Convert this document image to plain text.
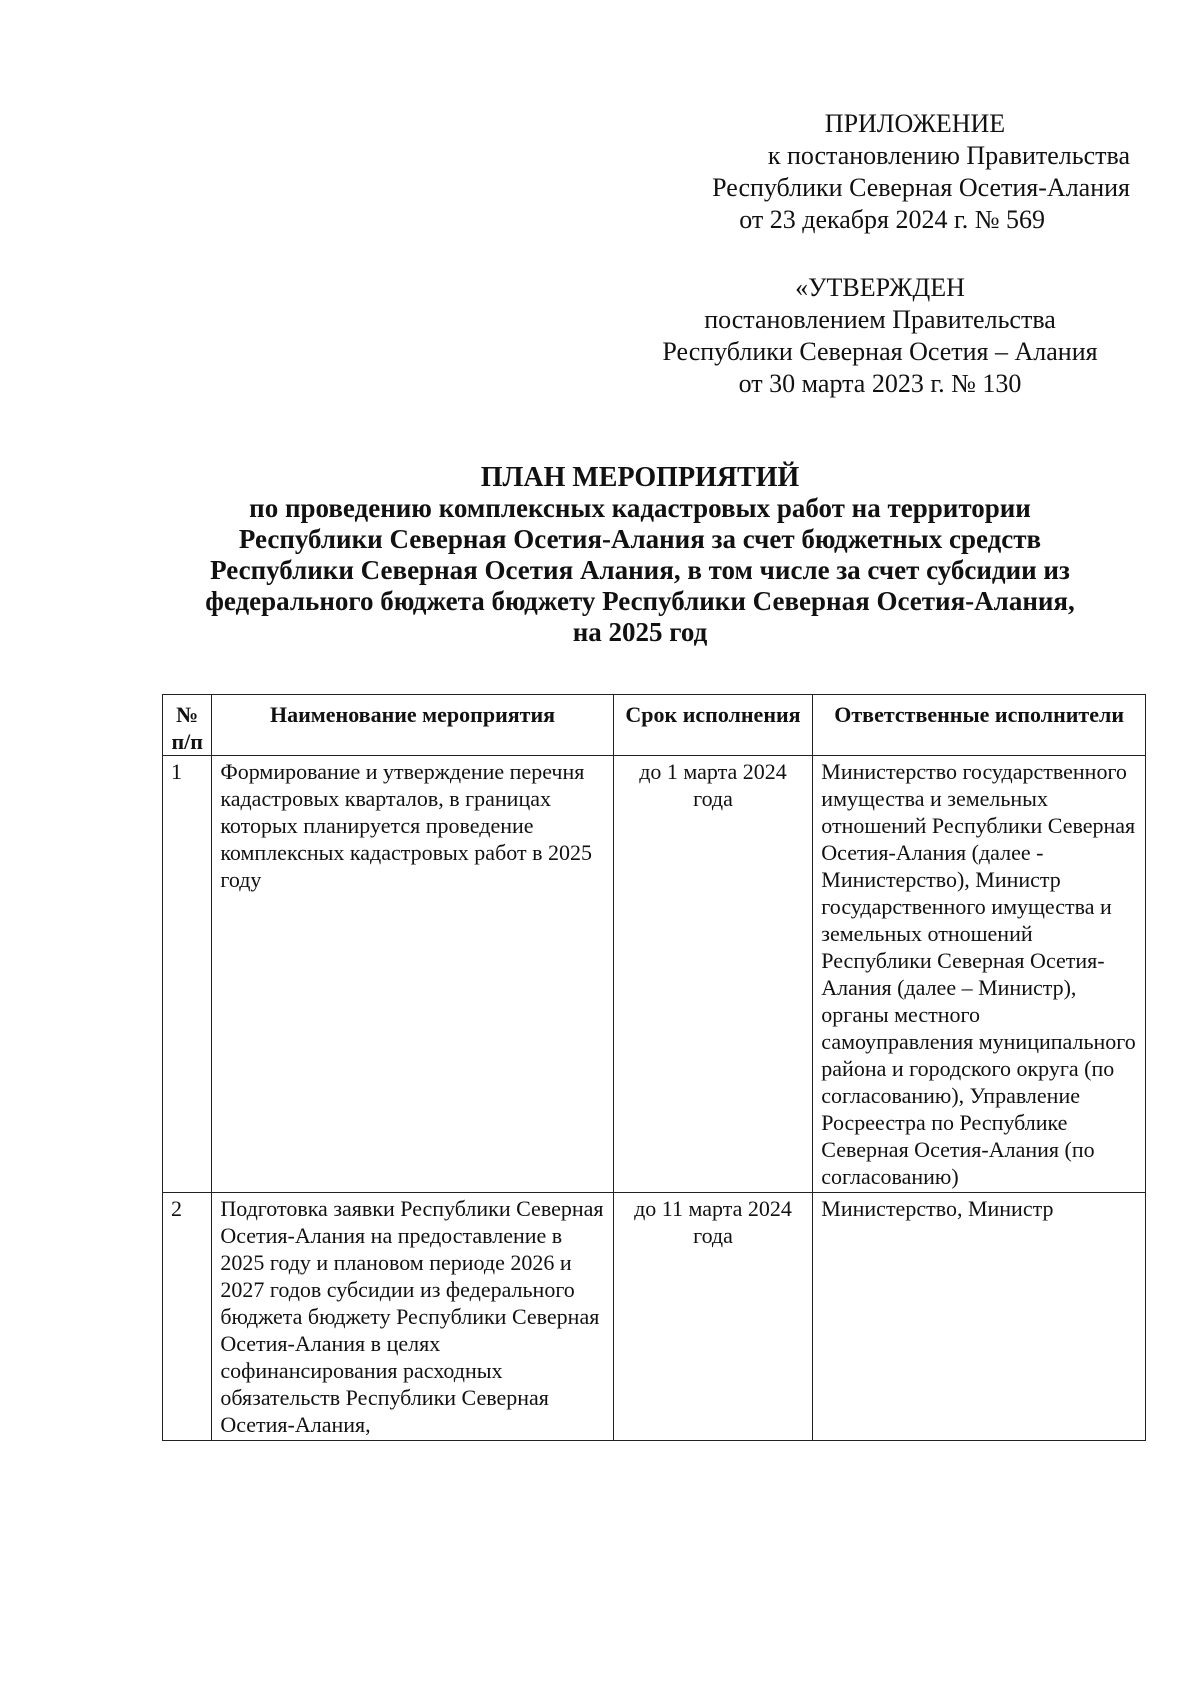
ПРИЛОЖЕНИЕ
к постановлению Правительства
Республики Северная Осетия-Алания
от 23 декабря 2024 г. № 569
«УТВЕРЖДЕН
постановлением Правительства
Республики Северная Осетия – Алания
от 30 марта 2023 г. № 130
ПЛАН МЕРОПРИЯТИЙ
по проведению комплексных кадастровых работ на территории
Республики Северная Осетия-Алания за счет бюджетных средств
Республики Северная Осетия Алания, в том числе за счет субсидии из
федерального бюджета бюджету Республики Северная Осетия-Алания,
на 2025 год
№ п/п	Наименование мероприятия	Срок исполнения	Ответственные исполнители
1	Формирование и утверждение перечня кадастровых кварталов, в границах которых планируется проведение комплексных кадастровых работ в 2025 году	до 1 марта 2024 года	Министерство государственного имущества и земельных отношений Республики Северная Осетия-Алания (далее - Министерство), Министр государственного имущества и земельных отношений Республики Северная Осетия-Алания (далее – Министр), органы местного самоуправления муниципального района и городского округа (по согласованию), Управление Росреестра по Республике Северная Осетия-Алания (по согласованию)
2	Подготовка заявки Республики Северная Осетия-Алания на предоставление в 2025 году и плановом периоде 2026 и 2027 годов субсидии из федерального бюджета бюджету Республики Северная Осетия-Алания в целях софинансирования расходных обязательств Республики Северная Осетия-Алания,	до 11 марта 2024 года	Министерство, Министр
